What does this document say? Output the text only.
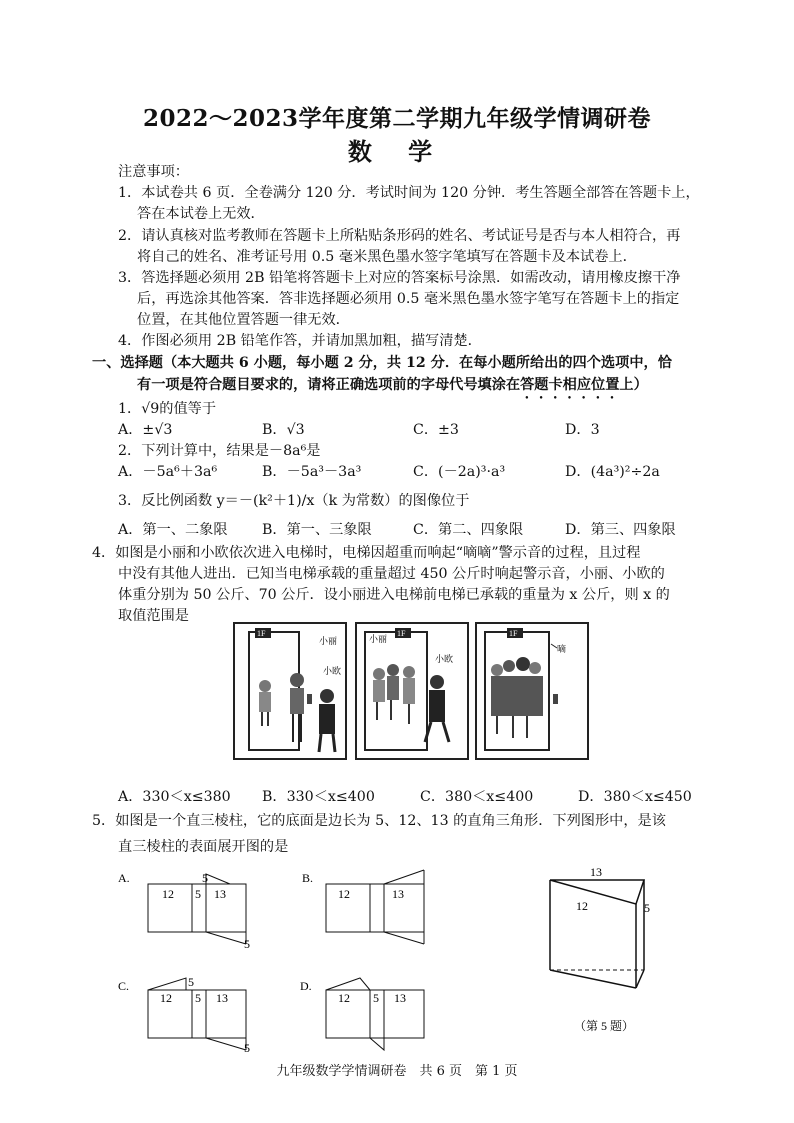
2022～2023学年度第二学期九年级学情调研卷
数 学
注意事项：
1．本试卷共 6 页．全卷满分 120 分．考试时间为 120 分钟．考生答题全部答在答题卡上，
答在本试卷上无效．
2．请认真核对监考教师在答题卡上所粘贴条形码的姓名、考试证号是否与本人相符合，再
将自己的姓名、准考证号用 0.5 毫米黑色墨水签字笔填写在答题卡及本试卷上．
3．答选择题必须用 2B 铅笔将答题卡上对应的答案标号涂黑．如需改动，请用橡皮擦干净
后，再选涂其他答案．答非选择题必须用 0.5 毫米黑色墨水签字笔写在答题卡上的指定
位置，在其他位置答题一律无效．
4．作图必须用 2B 铅笔作答，并请加黑加粗，描写清楚．
一、选择题（本大题共 6 小题，每小题 2 分，共 12 分．在每小题所给出的四个选项中，恰
有一项是符合题目要求的，请将正确选项前的字母代号填涂在答题卡相应位置上）
1．√9的值等于
A．±√3	B．√3	C．±3	D．3
2．下列计算中，结果是－8a⁶是
A．－5a⁶＋3a⁶	B．－5a³－3a³	C．(－2a)³·a³	D．(4a³)²÷2a
3．反比例函数 y＝－(k²＋1)/x（k 为常数）的图像位于
A．第一、二象限 B．第一、三象限	C．第二、四象限	D．第三、四象限
4．如图是小丽和小欧依次进入电梯时，电梯因超重而响起“嘀嘀”警示音的过程，且过程
中没有其他人进出．已知当电梯承载的重量超过 450 公斤时响起警示音，小丽、小欧的
体重分别为 50 公斤、70 公斤．设小丽进入电梯前电梯已承载的重量为 x 公斤，则 x 的
取值范围是
1F
小丽
小欧
1F
小丽
小欧
1F
嘀
A．330＜x≤380 B．330＜x≤400	C．380＜x≤400	D．380＜x≤450
5．如图是一个直三棱柱，它的底面是边长为 5、12、13 的直角三角形．下列图形中，是该
直三棱柱的表面展开图的是
A.
12 5 13
5
5
B.
12	13
C.
12 5 13
5
5
D.
12 5 13
13
12	5
（第 5 题）
九年级数学学情调研卷　共 6 页　第 1 页
